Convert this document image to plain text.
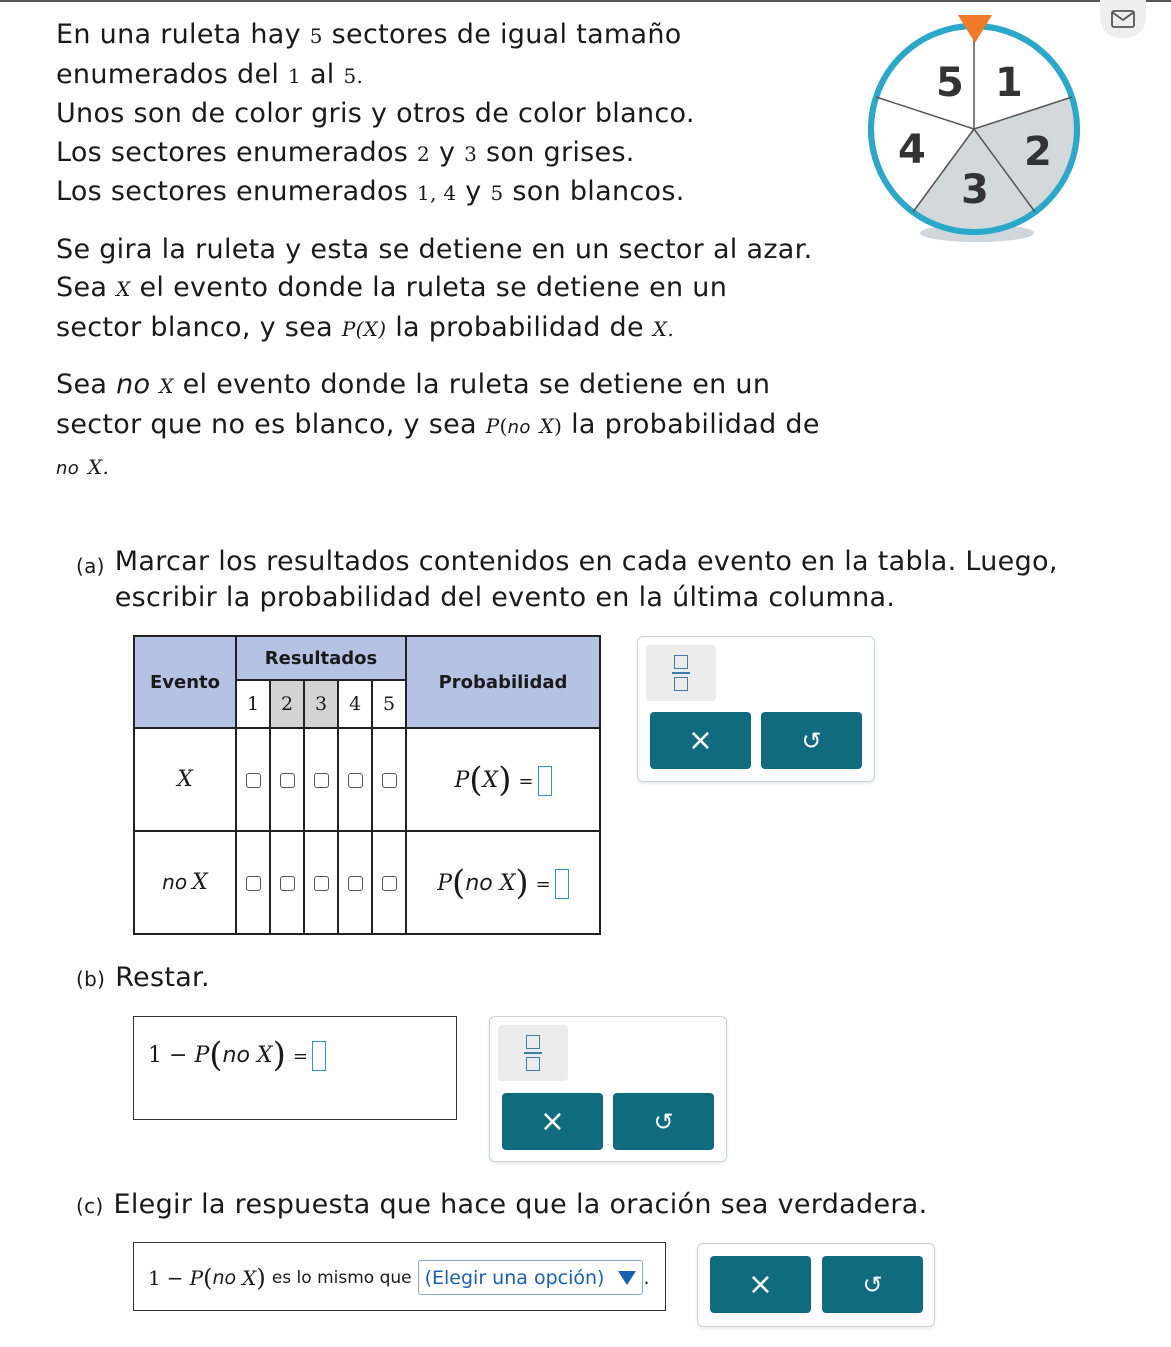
En una ruleta hay 5 sectores de igual tamaño
enumerados del 1 al 5.
Unos son de color gris y otros de color blanco.
Los sectores enumerados 2 y 3 son grises.
Los sectores enumerados 1, 4 y 5 son blancos.

Se gira la ruleta y esta se detiene en un sector al azar.
Sea X el evento donde la ruleta se detiene en un sector blanco, y sea P(X) la probabilidad de X.

Sea no X el evento donde la ruleta se detiene en un sector que no es blanco, y sea P(no X) la probabilidad de no X.

5 1
4 2
3
(a) Marcar los resultados contenidos en cada evento en la tabla. Luego, escribir la probabilidad del evento en la última columna.
Evento	Resultados					Probabilidad
	1	2	3	4	5	
X						P(X) =
no X						P(no X) =
×	↺
(b) Restar.
1 − P(no X) =
×	↺
(c) Elegir la respuesta que hace que la oración sea verdadera.
1
−
P ( no
X )
es lo mismo que (Elegir una opción) .	×	↺
